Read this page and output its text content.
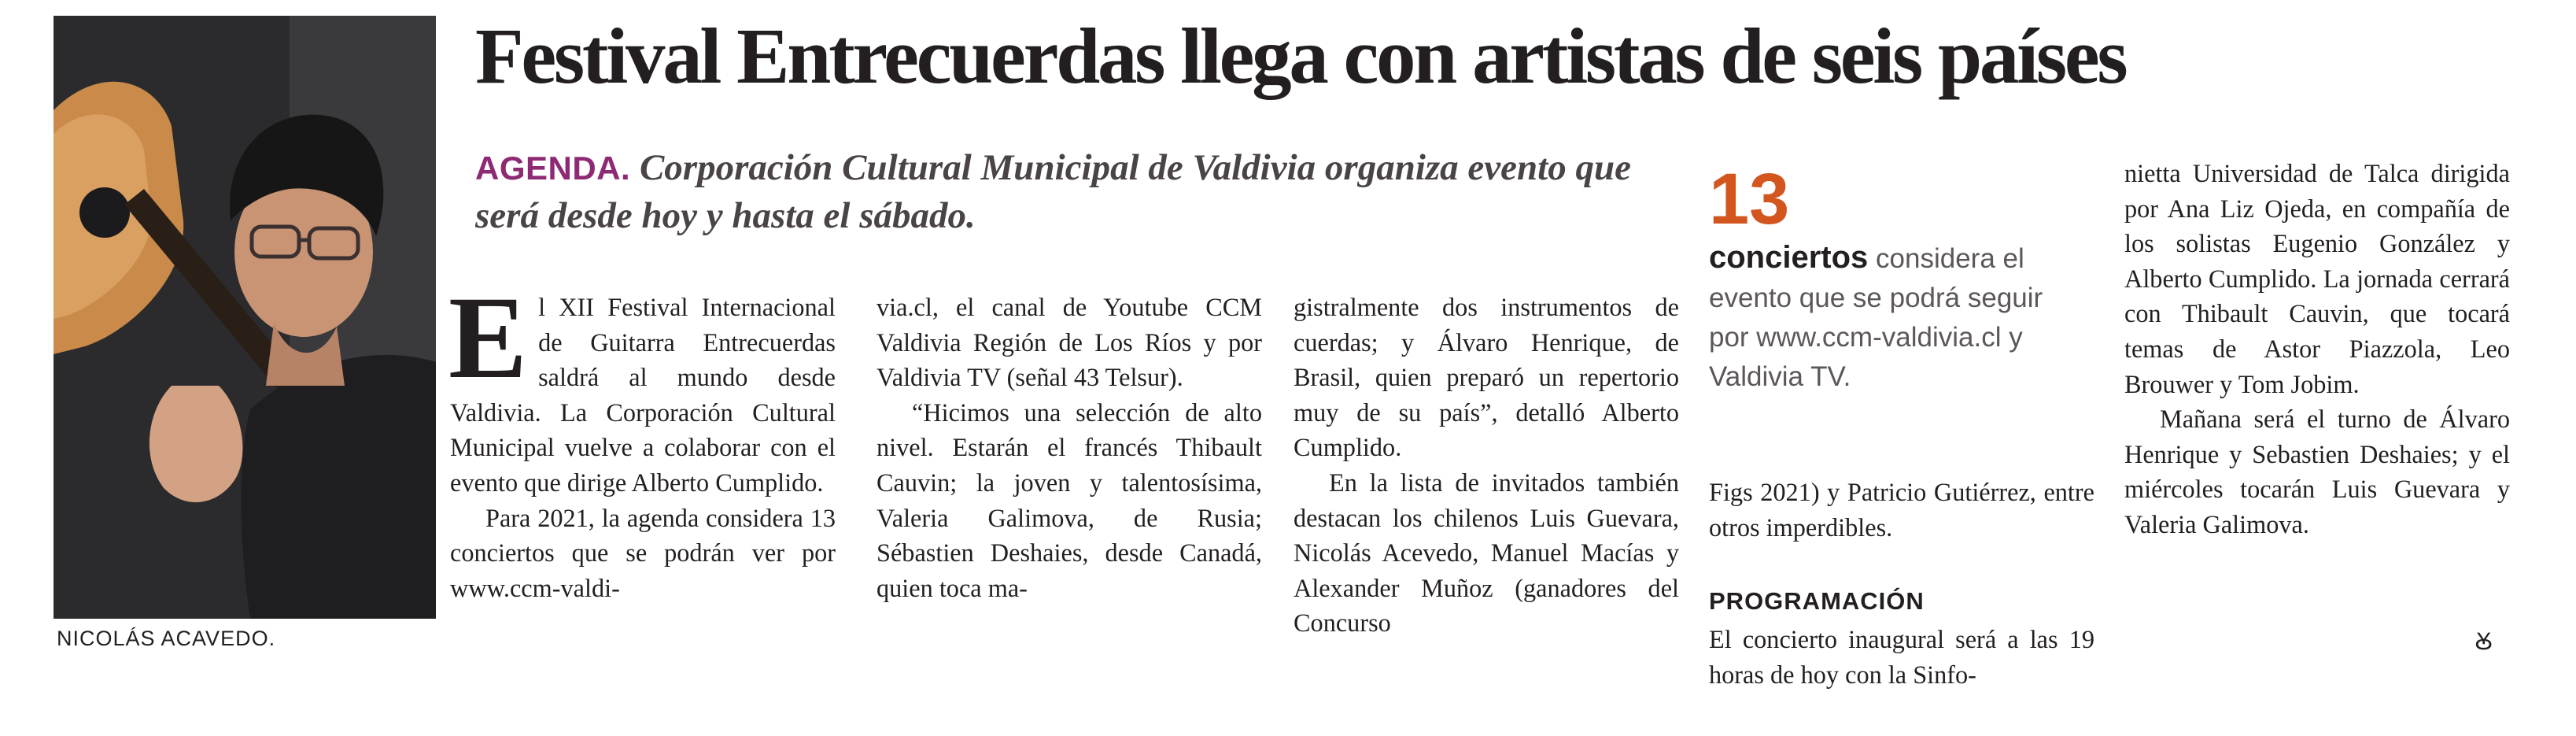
NICOLÁS ACAVEDO.
Festival Entrecuerdas llega con artistas de seis países
AGENDA. Corporación Cultural Municipal de Valdivia organiza evento que será desde hoy y hasta el sábado.
E l XII Festival Internacional de Guitarra Entrecuerdas saldrá al mundo desde Valdivia. La Corporación Cultural Municipal vuelve a colaborar con el evento que dirige Alberto Cumplido.

Para 2021, la agenda considera 13 conciertos que se podrán ver por www.ccm-valdi-

via.cl, el canal de Youtube CCM Valdivia Región de Los Ríos y por Valdivia TV (señal 43 Telsur).

“Hicimos una selección de alto nivel. Estarán el francés Thibault Cauvin; la joven y talentosísima, Valeria Galimova, de Rusia; Sébastien Deshaies, desde Canadá, quien toca ma-

gistralmente dos instrumentos de cuerdas; y Álvaro Henrique, de Brasil, quien preparó un repertorio muy de su país”, detalló Alberto Cumplido.

En la lista de invitados también destacan los chilenos Luis Guevara, Nicolás Acevedo, Manuel Macías y Alexander Muñoz (ganadores del Concurso

13
conciertos considera el evento que se podrá seguir por www.ccm-valdivia.cl y Valdivia TV.

Figs 2021) y Patricio Gutiérrez, entre otros imperdibles.

PROGRAMACIÓN

El concierto inaugural será a las 19 horas de hoy con la Sinfo-

nietta Universidad de Talca dirigida por Ana Liz Ojeda, en compañía de los solistas Eugenio González y Alberto Cumplido. La jornada cerrará con Thibault Cauvin, que tocará temas de Astor Piazzola, Leo Brouwer y Tom Jobim.

Mañana será el turno de Álvaro Henrique y Sebastien Deshaies; y el miércoles tocarán Luis Guevara y Valeria Galimova.

Ꙋ
